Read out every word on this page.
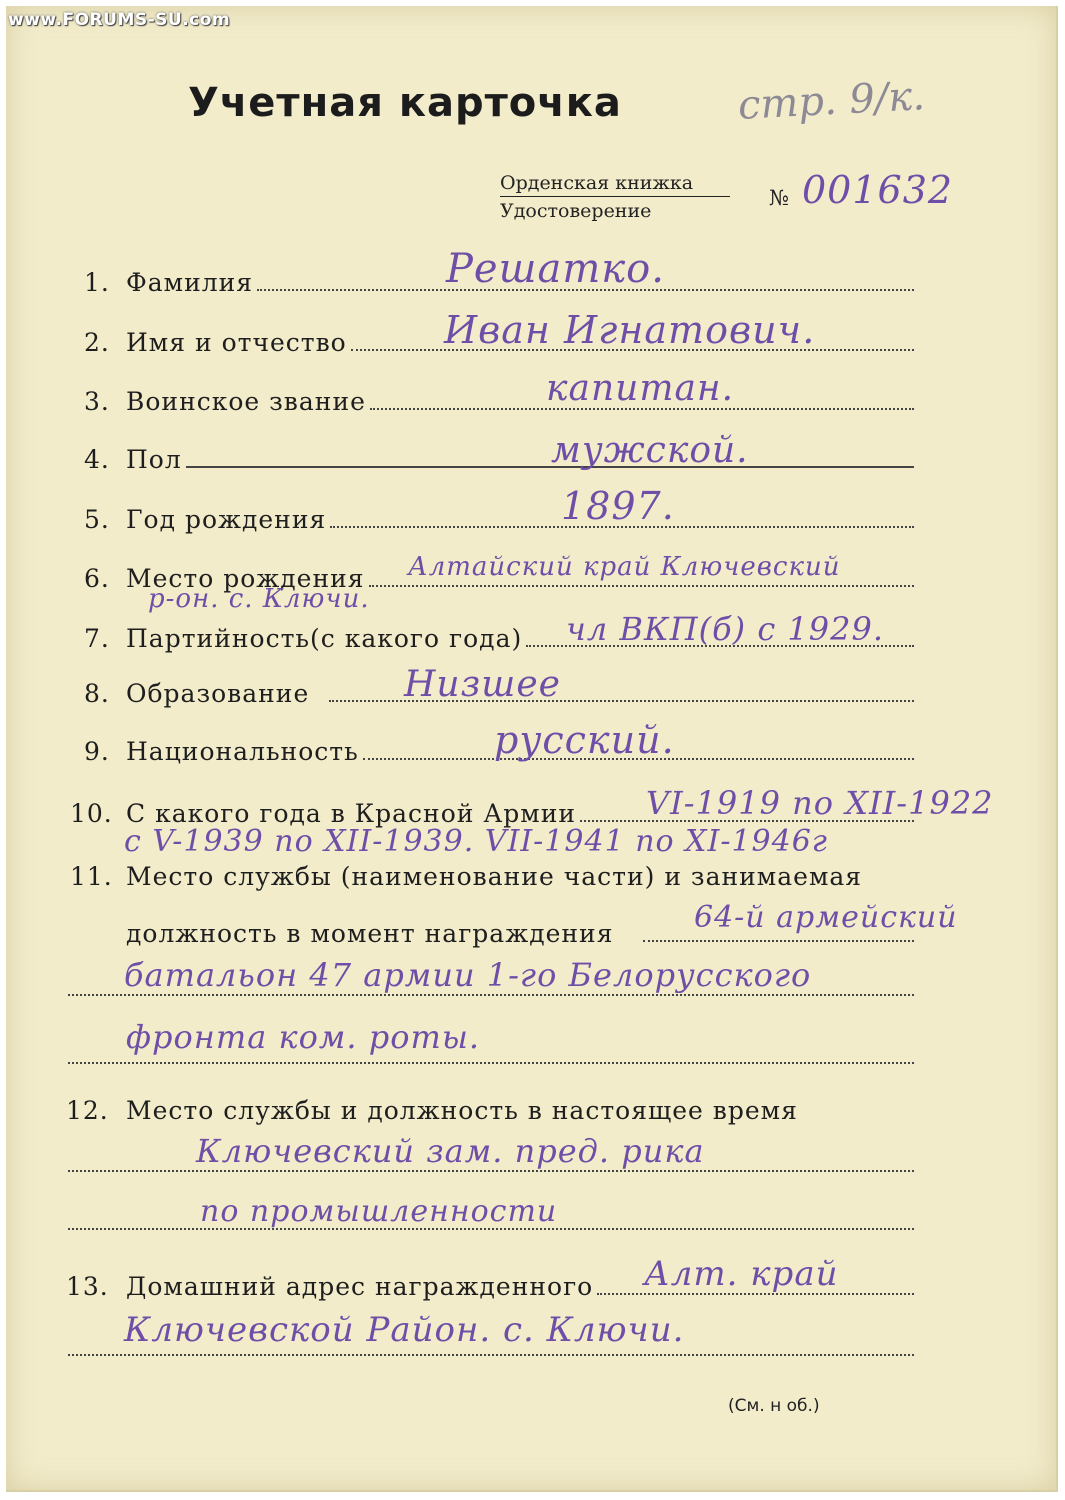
www.FORUMS-SU.com
Учетная карточка	стр. 9/к.
Орденская книжка
Удостоверение
№ 001632
1. Фамилия	Решатко.
2. Имя и отчество	Иван Игнатович.
3. Воинское звание	капитан.
4. Пол	мужской.
5. Год рождения	1897.
6. Место рождения Алтайский край Ключевский
р-он. с. Ключи.
7. Партийность(с какого года) чл ВКП(б) с 1929.
8. Образование	Низшее
9. Национальность	русский.
10. С какого года в Красной Армии VI-1919 по XII-1922
с V-1939 по XII-1939. VII-1941 по XI-1946г
11. Место службы (наименование части) и занимаемая
должность в момент награждения	64-й армейский
батальон 47 армии 1-го Белорусского
фронта ком. роты.
12. Место службы и должность в настоящее время
Ключевский зам. пред. рика
по промышленности
13. Домашний адрес награжденного Алт. край
Ключевской Район. с. Ключи.
(См. н об.)
